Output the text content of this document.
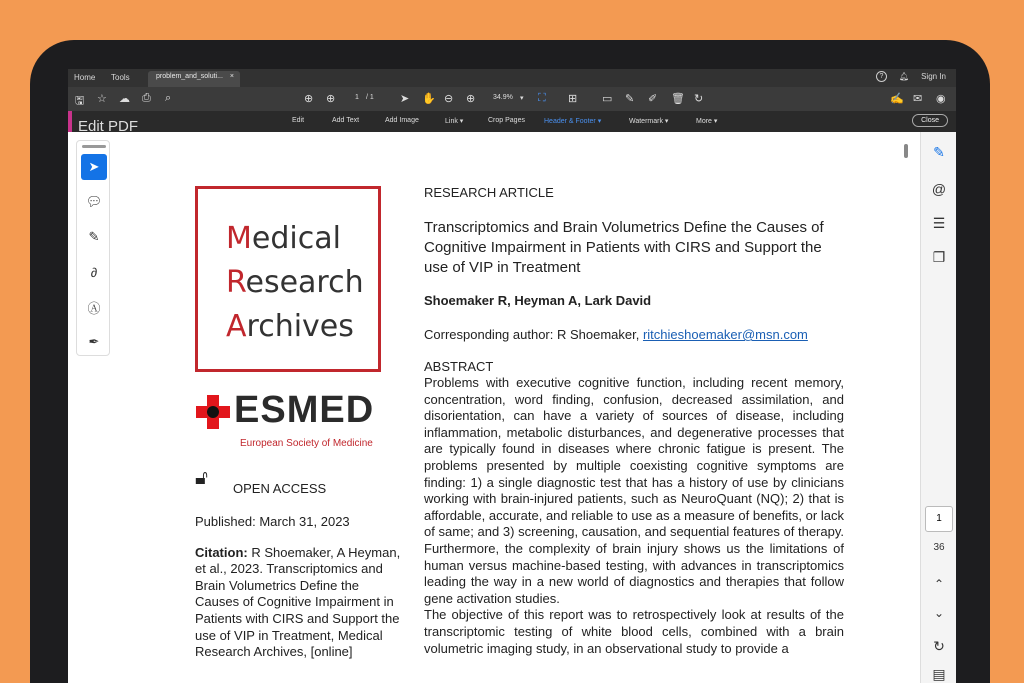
Home Tools	problem_and_soluti... ×	?	🔔︎ Sign In
🖫︎ ☆ ☁ ⎙ ⌕	⊕ ⊕	1 / 1 ➤ ✋ ⊖ ⊕	34.9% ▾ ⛶ ⊞ ▭ ✎ ✐ 🗑︎ ↻	✍ ✉ ◉
Edit PDF	Edit	Add Text	Add Image	Link ▾	Crop Pages	Header & Footer ▾	Watermark ▾	More ▾	Close
➤
💬︎
✎
∂
Ⓐ
✒
Medical
Research
Archives
ESMED
European Society of Medicine
🔓︎ OPEN ACCESS
Published: March 31, 2023
Citation: R Shoemaker, A Heyman, et al., 2023. Transcriptomics and Brain Volumetrics Define the Causes of Cognitive Impairment in Patients with CIRS and Support the use of VIP in Treatment, Medical Research Archives, [online]
RESEARCH ARTICLE
Transcriptomics and Brain Volumetrics Define the Causes of Cognitive Impairment in Patients with CIRS and Support the use of VIP in Treatment
Shoemaker R, Heyman A, Lark David
Corresponding author: R Shoemaker, ritchieshoemaker@msn.com
ABSTRACT
Problems with executive cognitive function, including recent memory, concentration, word finding, confusion, decreased assimilation, and disorientation, can have a variety of sources of disease, including inflammation, metabolic disturbances, and degenerative processes that are typically found in diseases where chronic fatigue is present. The problems presented by multiple coexisting cognitive symptoms are finding: 1) a single diagnostic test that has a history of use by clinicians working with brain-injured patients, such as NeuroQuant (NQ); 2) that is affordable, accurate, and reliable to use as a measure of benefits, or lack of same; and 3) screening, causation, and sequential features of therapy. Furthermore, the complexity of brain injury shows us the limitations of human versus machine-based testing, with advances in transcriptomics leading the way in a new world of diagnostics and therapies that follow gene activation studies.
The objective of this report was to retrospectively look at results of the transcriptomic testing of white blood cells, combined with a brain volumetric imaging study, in an observational study to provide a
✎
@
☰
❐
1
36
⌃
⌄
↻
▤
